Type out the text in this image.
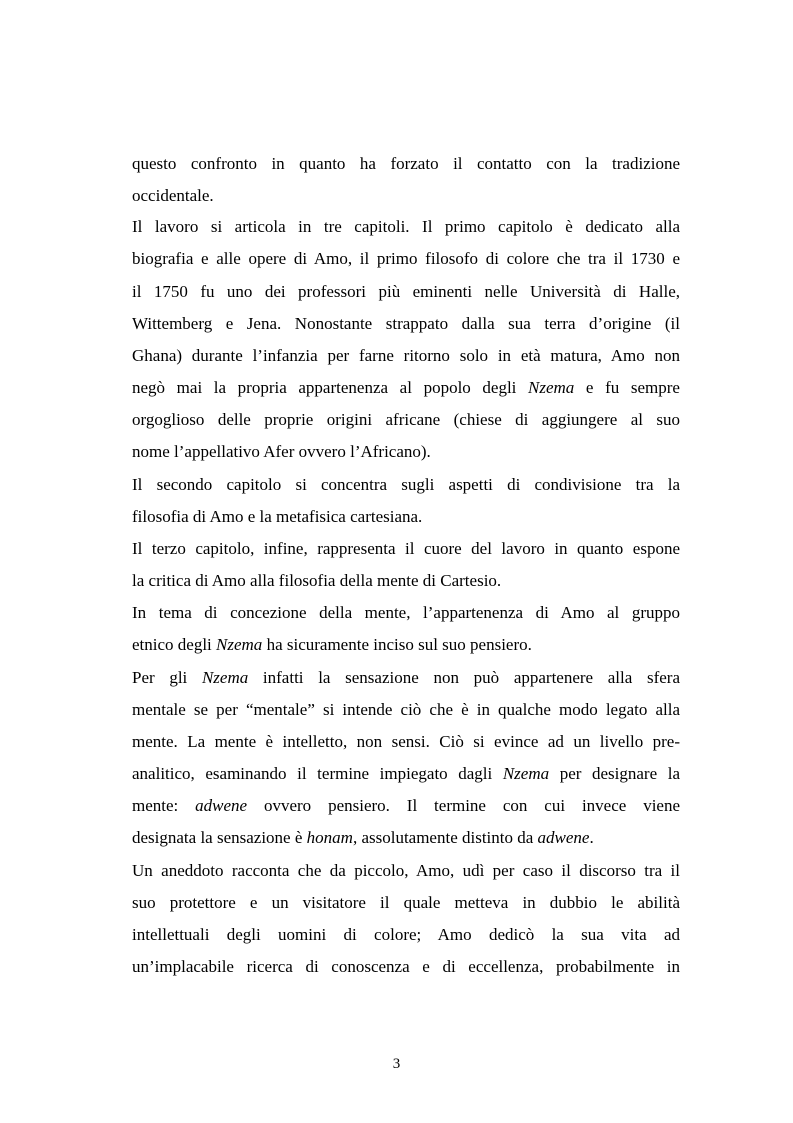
questo confronto in quanto ha forzato il contatto con la tradizione
occidentale.
Il lavoro si articola in tre capitoli. Il primo capitolo è dedicato alla
biografia e alle opere di Amo, il primo filosofo di colore che tra il 1730 e
il 1750 fu uno dei professori più eminenti nelle Università di Halle,
Wittemberg e Jena. Nonostante strappato dalla sua terra d’origine (il
Ghana) durante l’infanzia per farne ritorno solo in età matura, Amo non
negò mai la propria appartenenza al popolo degli Nzema e fu sempre
orgoglioso delle proprie origini africane (chiese di aggiungere al suo
nome l’appellativo Afer ovvero l’Africano).
Il secondo capitolo si concentra sugli aspetti di condivisione tra la
filosofia di Amo e la metafisica cartesiana.
Il terzo capitolo, infine, rappresenta il cuore del lavoro in quanto espone
la critica di Amo alla filosofia della mente di Cartesio.
In tema di concezione della mente, l’appartenenza di Amo al gruppo
etnico degli Nzema ha sicuramente inciso sul suo pensiero.
Per gli Nzema infatti la sensazione non può appartenere alla sfera
mentale se per “mentale” si intende ciò che è in qualche modo legato alla
mente. La mente è intelletto, non sensi. Ciò si evince ad un livello pre-
analitico, esaminando il termine impiegato dagli Nzema per designare la
mente: adwene ovvero pensiero. Il termine con cui invece viene
designata la sensazione è honam, assolutamente distinto da adwene.
Un aneddoto racconta che da piccolo, Amo, udì per caso il discorso tra il
suo protettore e un visitatore il quale metteva in dubbio le abilità
intellettuali degli uomini di colore; Amo dedicò la sua vita ad
un’implacabile ricerca di conoscenza e di eccellenza, probabilmente in
3
